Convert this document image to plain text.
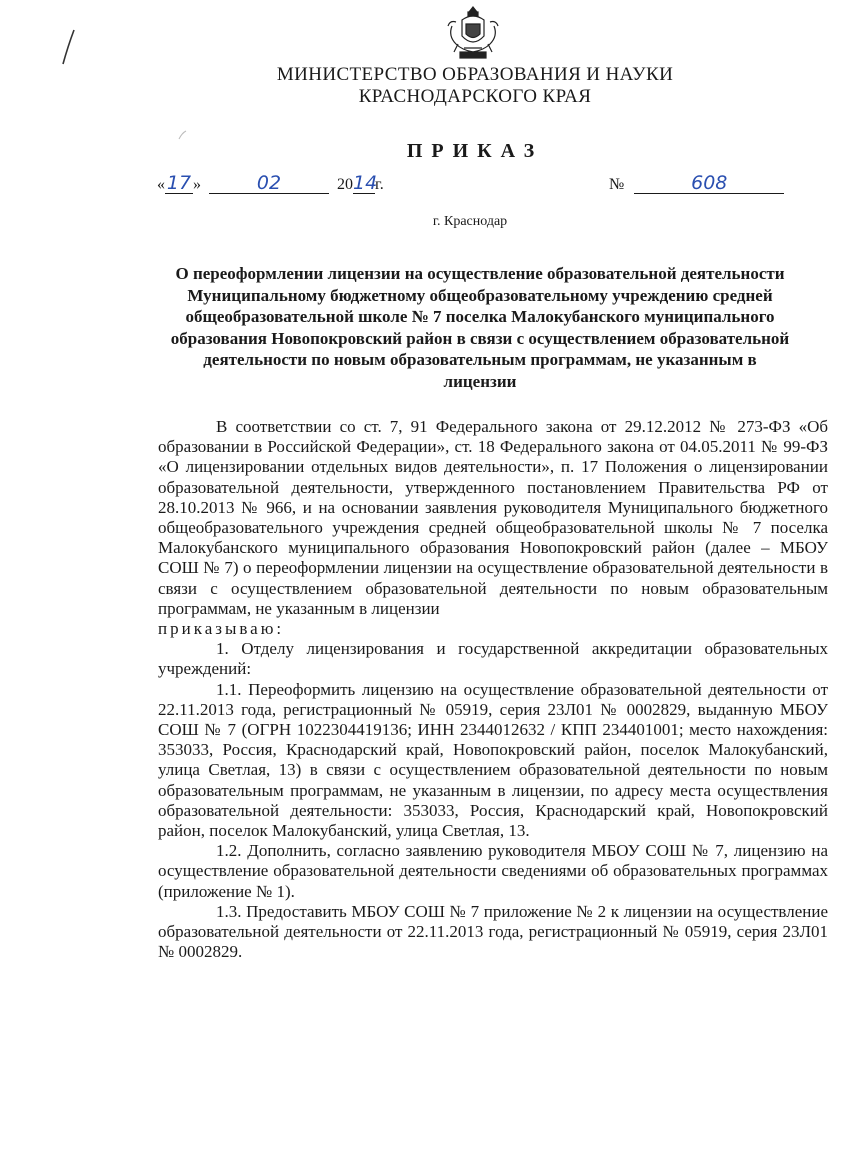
МИНИСТЕРСТВО ОБРАЗОВАНИЯ И НАУКИ
КРАСНОДАРСКОГО КРАЯ
ПРИКАЗ
« 17 »	02	2014г.	№	608
г. Краснодар
О переоформлении лицензии на осуществление образовательной деятельности Муниципальному бюджетному общеобразовательному учреждению средней общеобразовательной школе № 7 поселка Малокубанского муниципального образования Новопокровский район в связи с осуществлением образовательной деятельности по новым образовательным программам, не указанным в лицензии

В соответствии со ст. 7, 91 Федерального закона от 29.12.2012 № 273-ФЗ «Об образовании в Российской Федерации», ст. 18 Федерального закона от 04.05.2011 № 99-ФЗ «О лицензировании отдельных видов деятельности», п. 17 Положения о лицензировании образовательной деятельности, утвержденного постановлением Правительства РФ от 28.10.2013 № 966, и на основании заявления руководителя Муниципального бюджетного общеобразовательного учреждения средней общеобразовательной школы № 7 поселка Малокубанского муниципального образования Новопокровский район (далее – МБОУ СОШ № 7) о переоформлении лицензии на осуществление образовательной деятельности в связи с осуществлением образовательной деятельности по новым образовательным программам, не указанным в лицензии

приказываю:

1. Отделу лицензирования и государственной аккредитации образовательных учреждений:

1.1. Переоформить лицензию на осуществление образовательной деятельности от 22.11.2013 года, регистрационный № 05919, серия 23Л01 № 0002829, выданную МБОУ СОШ № 7 (ОГРН 1022304419136; ИНН 2344012632 / КПП 234401001; место нахождения: 353033, Россия, Краснодарский край, Новопокровский район, поселок Малокубанский, улица Светлая, 13) в связи с осуществлением образовательной деятельности по новым образовательным программам, не указанным в лицензии, по адресу места осуществления образовательной деятельности: 353033, Россия, Краснодарский край, Новопокровский район, поселок Малокубанский, улица Светлая, 13.

1.2. Дополнить, согласно заявлению руководителя МБОУ СОШ № 7, лицензию на осуществление образовательной деятельности сведениями об образовательных программах (приложение № 1).

1.3. Предоставить МБОУ СОШ № 7 приложение № 2 к лицензии на осуществление образовательной деятельности от 22.11.2013 года, регистрационный № 05919, серия 23Л01 № 0002829.
